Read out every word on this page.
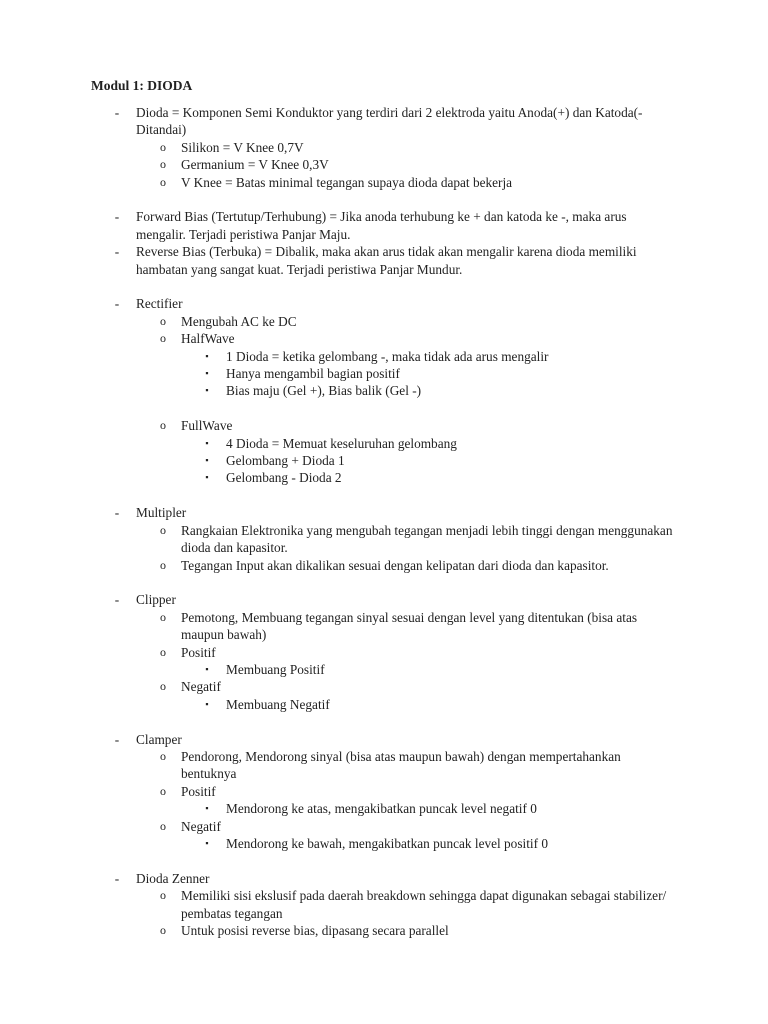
Modul 1: DIODA
- Dioda = Komponen Semi Konduktor yang terdiri dari 2 elektroda yaitu Anoda(+) dan Katoda(- Ditandai)
o Silikon = V Knee 0,7V
o Germanium = V Knee 0,3V
o V Knee = Batas minimal tegangan supaya dioda dapat bekerja
- Forward Bias (Tertutup/Terhubung) = Jika anoda terhubung ke + dan katoda ke -, maka arus mengalir. Terjadi peristiwa Panjar Maju.
- Reverse Bias (Terbuka) = Dibalik, maka akan arus tidak akan mengalir karena dioda memiliki hambatan yang sangat kuat. Terjadi peristiwa Panjar Mundur.
- Rectifier
o Mengubah AC ke DC
o HalfWave
▪ 1 Dioda = ketika gelombang -, maka tidak ada arus mengalir
▪ Hanya mengambil bagian positif
▪ Bias maju (Gel +), Bias balik (Gel -)
o FullWave
▪ 4 Dioda = Memuat keseluruhan gelombang
▪ Gelombang + Dioda 1
▪ Gelombang - Dioda 2
- Multipler
o Rangkaian Elektronika yang mengubah tegangan menjadi lebih tinggi dengan menggunakan dioda dan kapasitor.
o Tegangan Input akan dikalikan sesuai dengan kelipatan dari dioda dan kapasitor.
- Clipper
o Pemotong, Membuang tegangan sinyal sesuai dengan level yang ditentukan (bisa atas maupun bawah)
o Positif
▪ Membuang Positif
o Negatif
▪ Membuang Negatif
- Clamper
o Pendorong, Mendorong sinyal (bisa atas maupun bawah) dengan mempertahankan bentuknya
o Positif
▪ Mendorong ke atas, mengakibatkan puncak level negatif 0
o Negatif
▪ Mendorong ke bawah, mengakibatkan puncak level positif 0
- Dioda Zenner
o Memiliki sisi ekslusif pada daerah breakdown sehingga dapat digunakan sebagai stabilizer/ pembatas tegangan
o Untuk posisi reverse bias, dipasang secara parallel
